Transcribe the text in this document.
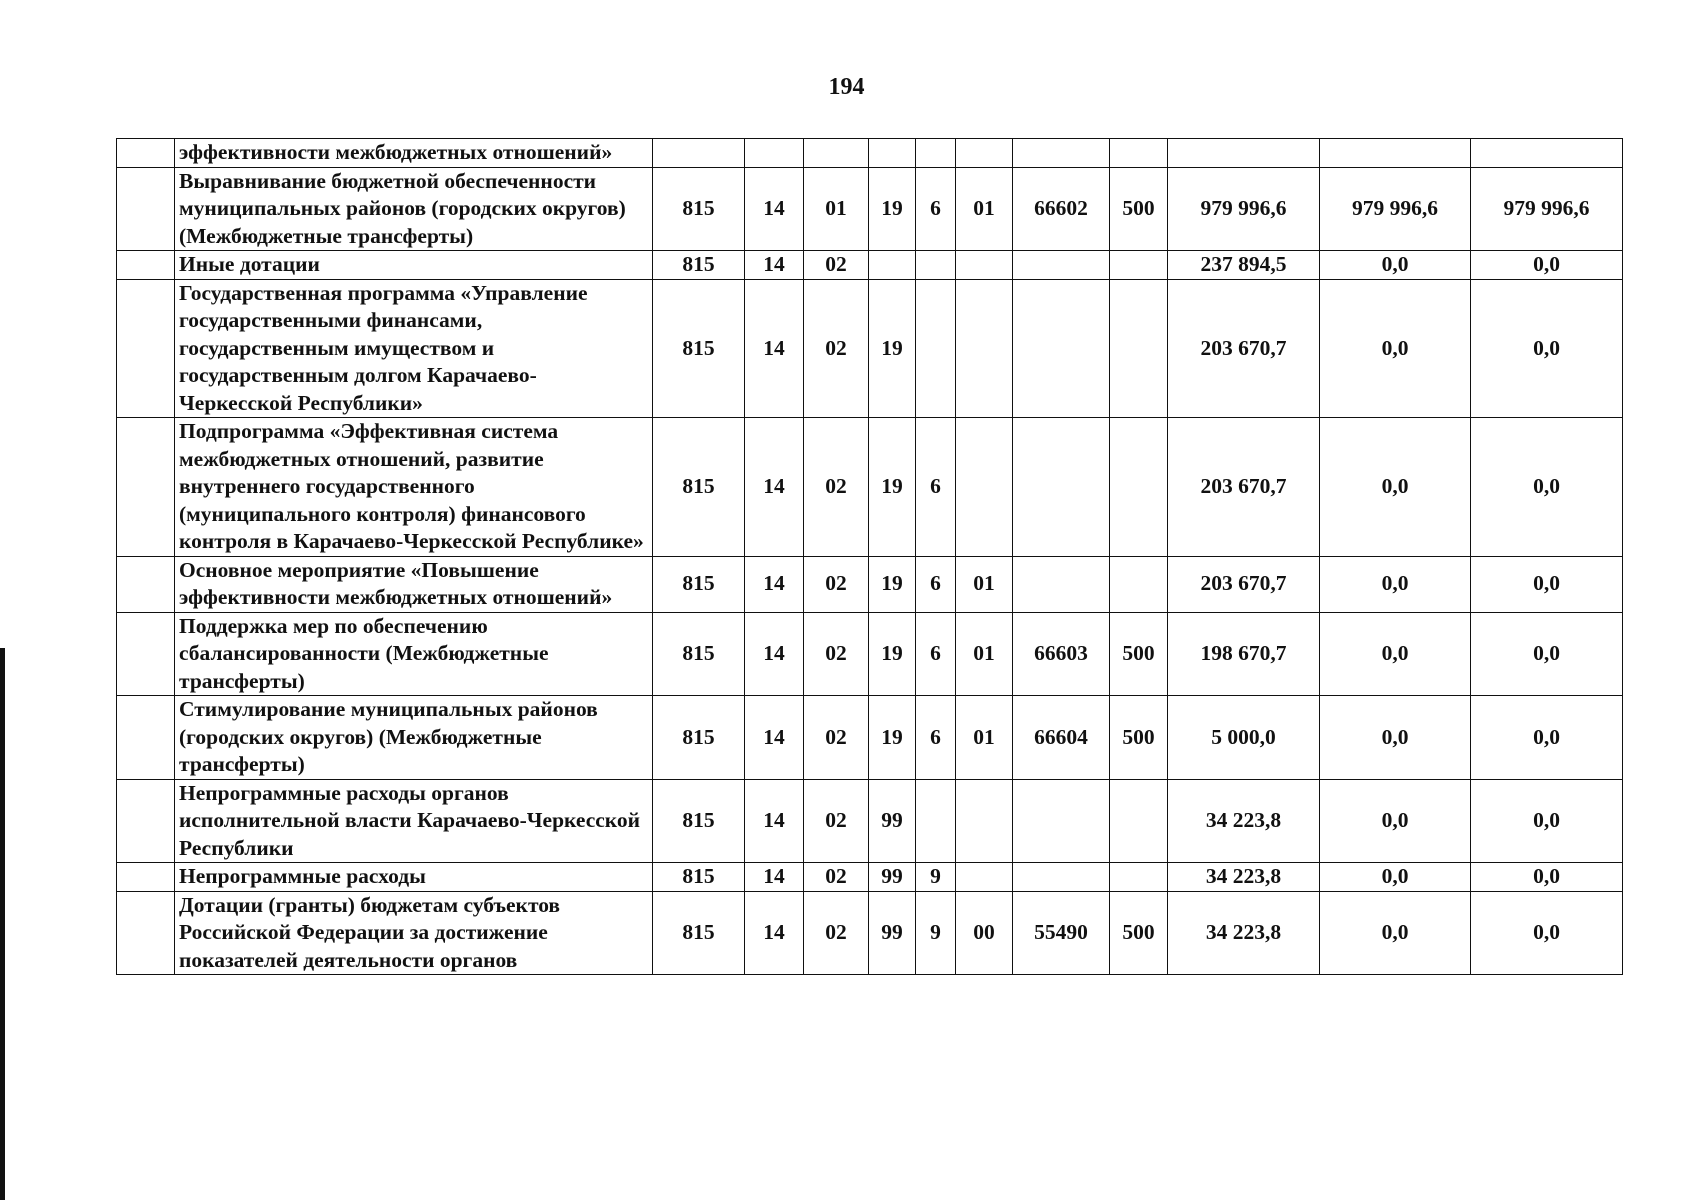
194
	эффективности межбюджетных отношений»											
	Выравнивание бюджетной обеспеченности муниципальных районов (городских округов) (Межбюджетные трансферты)	815	14	01	19	6	01	66602	500	979 996,6	979 996,6	979 996,6
	Иные дотации	815	14	02						237 894,5	0,0	0,0
	Государственная программа «Управление государственными финансами, государственным имуществом и государственным долгом Карачаево-Черкесской Республики»	815	14	02	19					203 670,7	0,0	0,0
	Подпрограмма «Эффективная система межбюджетных отношений, развитие внутреннего государственного (муниципального контроля) финансового контроля в Карачаево-Черкесской Республике»	815	14	02	19	6				203 670,7	0,0	0,0
	Основное мероприятие «Повышение эффективности межбюджетных отношений»	815	14	02	19	6	01			203 670,7	0,0	0,0
	Поддержка мер по обеспечению сбалансированности (Межбюджетные трансферты)	815	14	02	19	6	01	66603	500	198 670,7	0,0	0,0
	Стимулирование муниципальных районов (городских округов) (Межбюджетные трансферты)	815	14	02	19	6	01	66604	500	5 000,0	0,0	0,0
	Непрограммные расходы органов исполнительной власти Карачаево-Черкесской Республики	815	14	02	99					34 223,8	0,0	0,0
	Непрограммные расходы	815	14	02	99	9				34 223,8	0,0	0,0
	Дотации (гранты) бюджетам субъектов Российской Федерации за достижение показателей деятельности органов	815	14	02	99	9	00	55490	500	34 223,8	0,0	0,0
